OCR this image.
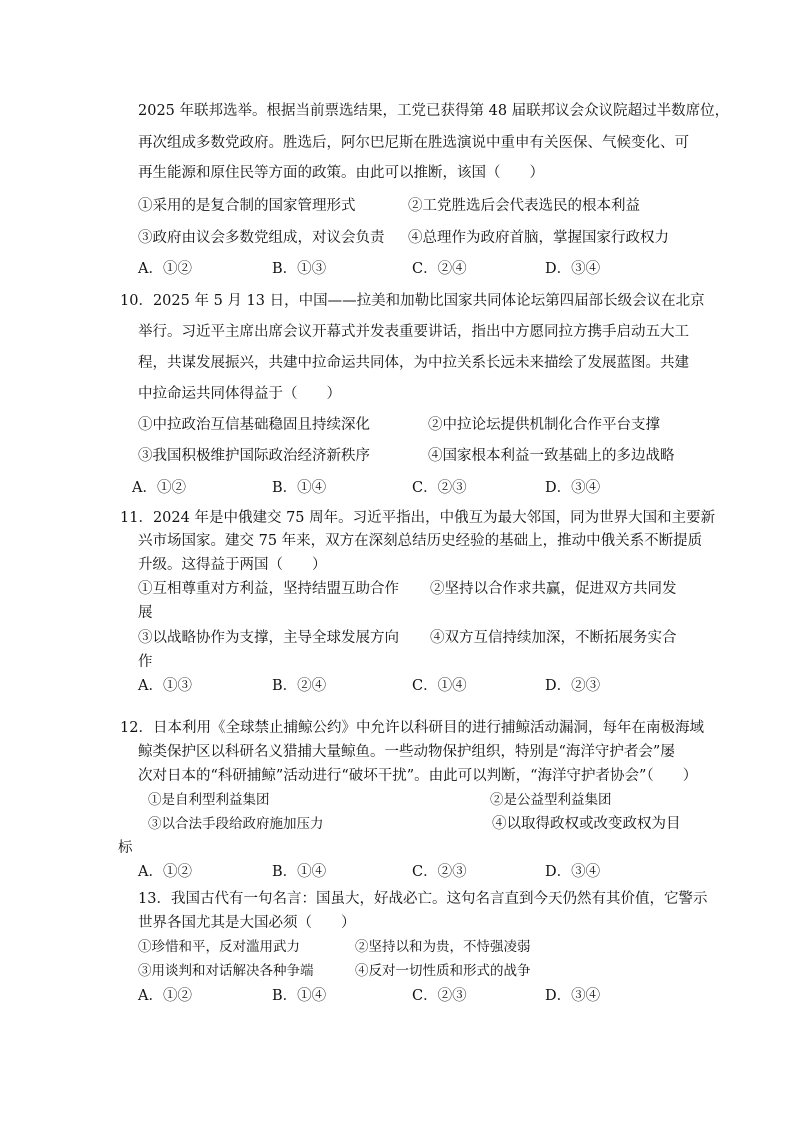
2025 年联邦选举。根据当前票选结果，工党已获得第 48 届联邦议会众议院超过半数席位，
再次组成多数党政府。胜选后，阿尔巴尼斯在胜选演说中重申有关医保、气候变化、可
再生能源和原住民等方面的政策。由此可以推断，该国（　　）
①采用的是复合制的国家管理形式	②工党胜选后会代表选民的根本利益
③政府由议会多数党组成，对议会负责 ④总理作为政府首脑，掌握国家行政权力
A．①②	B．①③	C．②④	D．③④
10．2025 年 5 月 13 日，中国——拉美和加勒比国家共同体论坛第四届部长级会议在北京
举行。习近平主席出席会议开幕式并发表重要讲话，指出中方愿同拉方携手启动五大工
程，共谋发展振兴，共建中拉命运共同体，为中拉关系长远未来描绘了发展蓝图。共建
中拉命运共同体得益于（　　）
①中拉政治互信基础稳固且持续深化	②中拉论坛提供机制化合作平台支撑
③我国积极维护国际政治经济新秩序	④国家根本利益一致基础上的多边战略
A．①②	B．①④	C．②③	D．③④
11．2024 年是中俄建交 75 周年。习近平指出，中俄互为最大邻国，同为世界大国和主要新
兴市场国家。建交 75 年来，双方在深刻总结历史经验的基础上，推动中俄关系不断提质
升级。这得益于两国（　　）
①互相尊重对方利益，坚持结盟互助合作
展
②坚持以合作求共赢，促进双方共同发
③以战略协作为支撑，主导全球发展方向
作
④双方互信持续加深，不断拓展务实合
A．①③	B．②④	C．①④	D．②③
12．日本利用《全球禁止捕鲸公约》中允许以科研目的进行捕鲸活动漏洞，每年在南极海域
鲸类保护区以科研名义猎捕大量鲸鱼。一些动物保护组织，特别是“海洋守护者会”屡
次对日本的“科研捕鲸”活动进行“破坏干扰”。由此可以判断，“海洋守护者协会”（　　）
①是自利型利益集团	②是公益型利益集团
③以合法手段给政府施加压力	④以取得政权或改变政权为目
标
A．①②	B．①④	C．②③	D．③④
13．我国古代有一句名言：国虽大，好战必亡。这句名言直到今天仍然有其价值，它警示
世界各国尤其是大国必须（　　）
①珍惜和平，反对滥用武力	②坚持以和为贵，不恃强凌弱
③用谈判和对话解决各种争端	④反对一切性质和形式的战争
A．①②	B．①④	C．②③	D．③④
